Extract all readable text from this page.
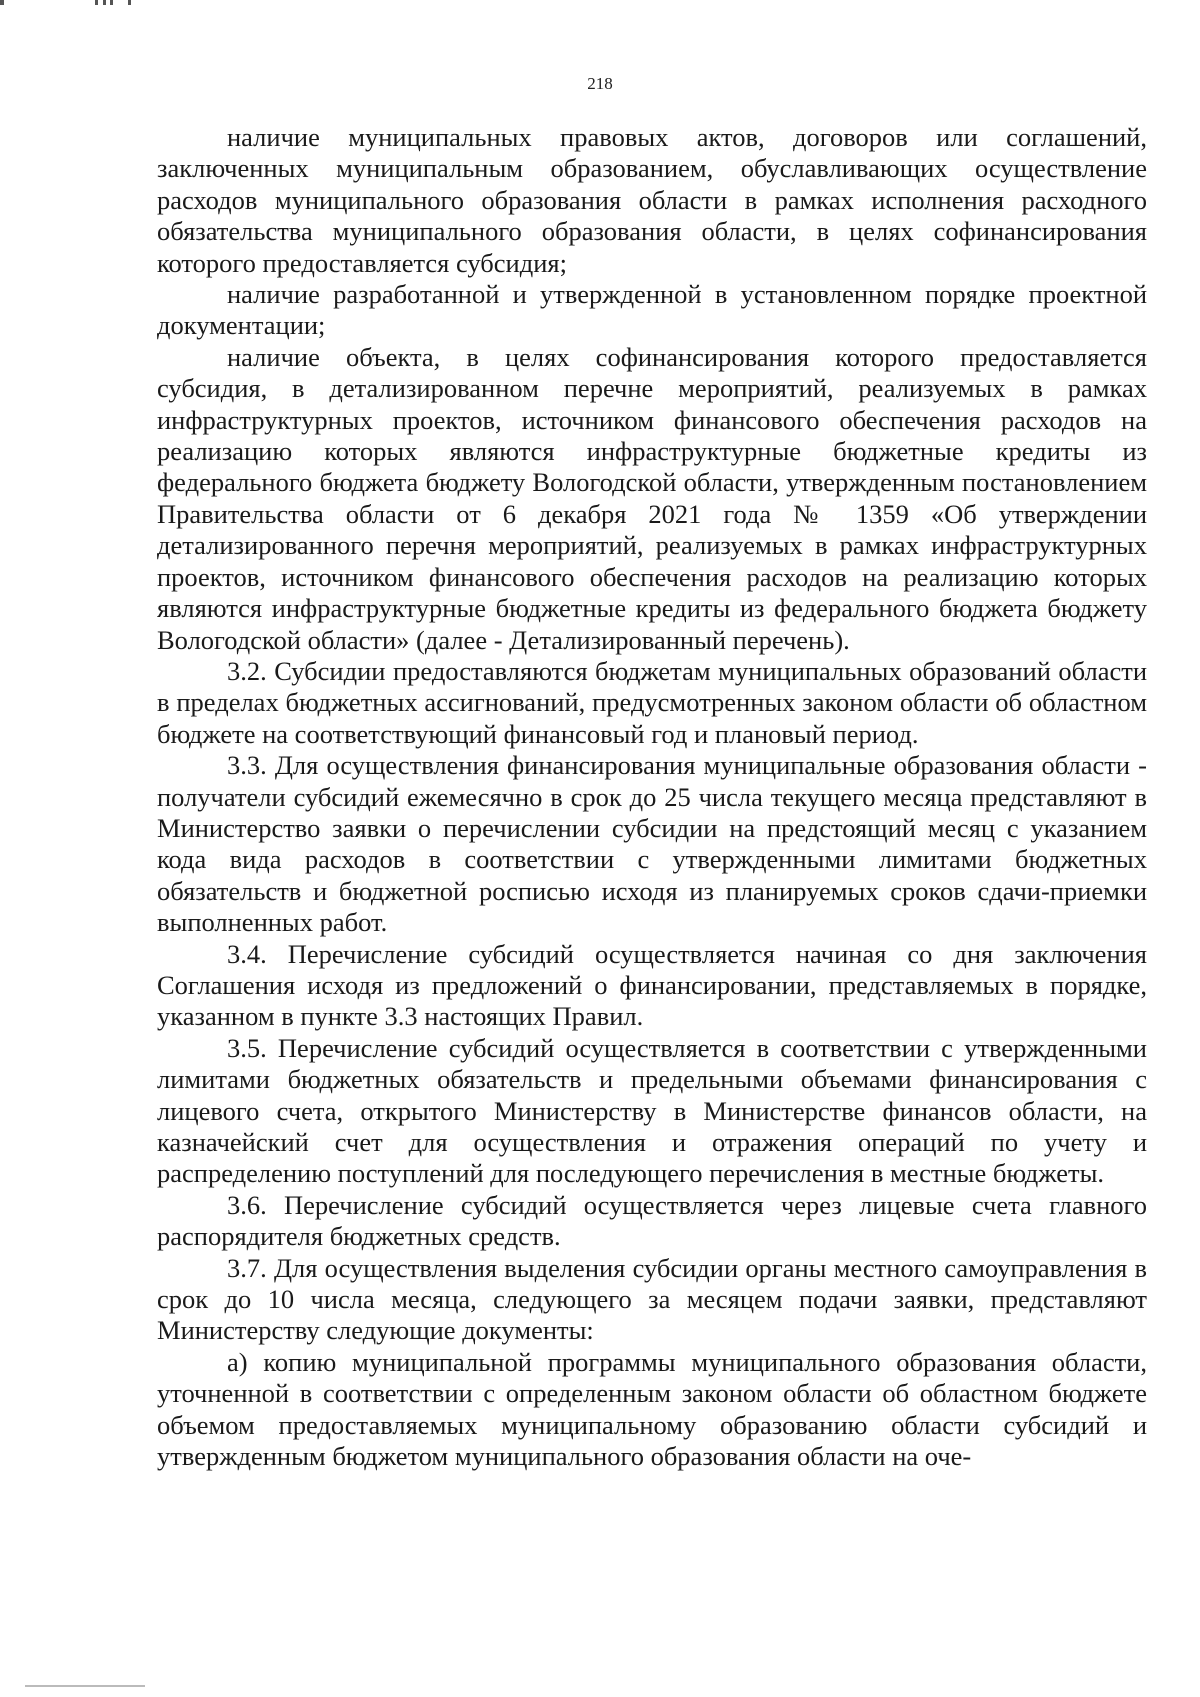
218

наличие муниципальных правовых актов, договоров или соглашений, заключенных муниципальным образованием, обуславливающих осуществление расходов муниципального образования области в рамках исполнения расходного обязательства муниципального образования области, в целях софинансирования которого предоставляется субсидия;

наличие разработанной и утвержденной в установленном порядке проектной документации;

наличие объекта, в целях софинансирования которого предоставляется субсидия, в детализированном перечне мероприятий, реализуемых в рамках инфраструктурных проектов, источником финансового обеспечения расходов на реализацию которых являются инфраструктурные бюджетные кредиты из федерального бюджета бюджету Вологодской области, утвержденным постановлением Правительства области от 6 декабря 2021 года № 1359 «Об утверждении детализированного перечня мероприятий, реализуемых в рамках инфраструктурных проектов, источником финансового обеспечения расходов на реализацию которых являются инфраструктурные бюджетные кредиты из федерального бюджета бюджету Вологодской области» (далее - Детализированный перечень).

3.2. Субсидии предоставляются бюджетам муниципальных образований области в пределах бюджетных ассигнований, предусмотренных законом области об областном бюджете на соответствующий финансовый год и плановый период.

3.3. Для осуществления финансирования муниципальные образования области - получатели субсидий ежемесячно в срок до 25 числа текущего месяца представляют в Министерство заявки о перечислении субсидии на предстоящий месяц с указанием кода вида расходов в соответствии с утвержденными лимитами бюджетных обязательств и бюджетной росписью исходя из планируемых сроков сдачи-приемки выполненных работ.

3.4. Перечисление субсидий осуществляется начиная со дня заключения Соглашения исходя из предложений о финансировании, представляемых в порядке, указанном в пункте 3.3 настоящих Правил.

3.5. Перечисление субсидий осуществляется в соответствии с утвержденными лимитами бюджетных обязательств и предельными объемами финансирования с лицевого счета, открытого Министерству в Министерстве финансов области, на казначейский счет для осуществления и отражения операций по учету и распределению поступлений для последующего перечисления в местные бюджеты.

3.6. Перечисление субсидий осуществляется через лицевые счета главного распорядителя бюджетных средств.

3.7. Для осуществления выделения субсидии органы местного самоуправления в срок до 10 числа месяца, следующего за месяцем подачи заявки, представляют Министерству следующие документы:

а) копию муниципальной программы муниципального образования области, уточненной в соответствии с определенным законом области об областном бюджете объемом предоставляемых муниципальному образованию области субсидий и утвержденным бюджетом муниципального образования области на оче-
